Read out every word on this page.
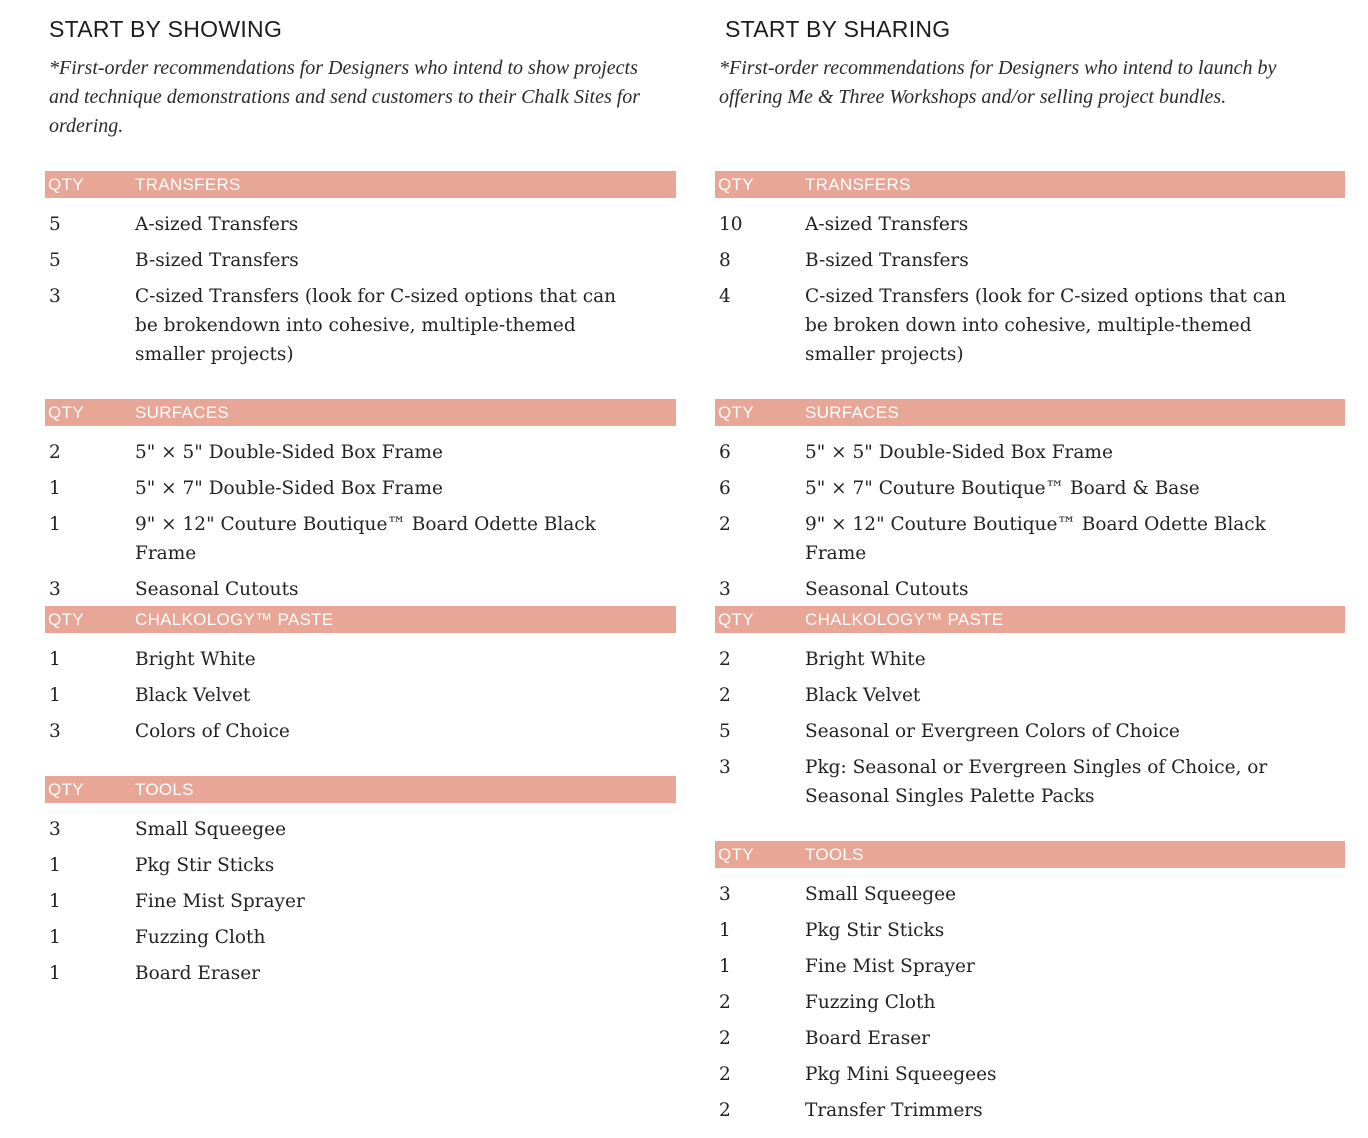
START BY SHOWING

*First-order recommendations for Designers who intend to show projects and technique demonstrations and send customers to their Chalk Sites for ordering.

QTY	TRANSFERS
5	A-sized Transfers
5	B-sized Transfers
3	C-sized Transfers (look for C-sized options that can be brokendown into cohesive, multiple-themed smaller projects)
QTY	SURFACES
2	5" × 5" Double-Sided Box Frame
1	5" × 7" Double-Sided Box Frame
1	9" × 12" Couture Boutique™ Board Odette Black Frame
3	Seasonal Cutouts
QTY	CHALKOLOGY™ PASTE
1	Bright White
1	Black Velvet
3	Colors of Choice
QTY	TOOLS
3	Small Squeegee
1	Pkg Stir Sticks
1	Fine Mist Sprayer
1	Fuzzing Cloth
1	Board Eraser
START BY SHARING

*First-order recommendations for Designers who intend to launch by offering Me & Three Workshops and/or selling project bundles.

QTY	TRANSFERS
10	A-sized Transfers
8	B-sized Transfers
4	C-sized Transfers (look for C-sized options that can be broken down into cohesive, multiple-themed smaller projects)
QTY	SURFACES
6	5" × 5" Double-Sided Box Frame
6	5" × 7" Couture Boutique™ Board & Base
2	9" × 12" Couture Boutique™ Board Odette Black Frame
3	Seasonal Cutouts
QTY	CHALKOLOGY™ PASTE
2	Bright White
2	Black Velvet
5	Seasonal or Evergreen Colors of Choice
3	Pkg: Seasonal or Evergreen Singles of Choice, or Seasonal Singles Palette Packs
QTY	TOOLS
3	Small Squeegee
1	Pkg Stir Sticks
1	Fine Mist Sprayer
2	Fuzzing Cloth
2	Board Eraser
2	Pkg Mini Squeegees
2	Transfer Trimmers
